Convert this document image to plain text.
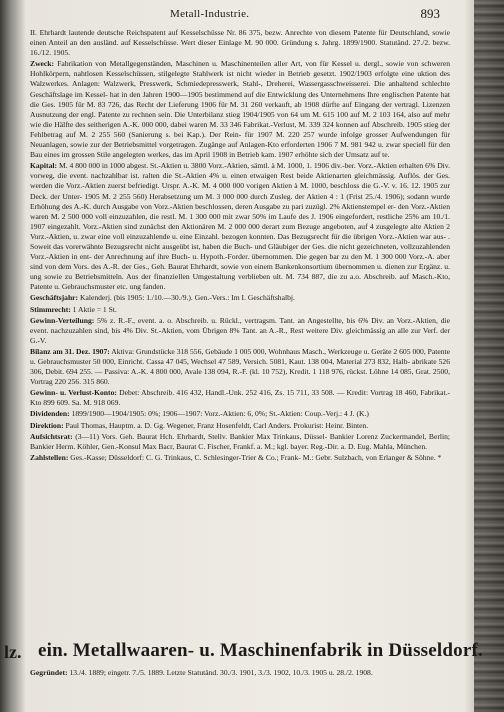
Metall-Industrie.	893

II. Ehrhardt lautende deutsche Reichspatent auf Kesselschüsse Nr. 86 375, bezw. Anrechte von diesem Patente für Deutschland, sowie einen Anteil an den ausländ. auf Kesselschüsse. Wert dieser Einlage M. 90 000. Gründung s. Jahrg. 1899/1900. Statutänd. 27./2. bezw. 16./12. 1905.

Zweck: Fabrikation von Metallgegenständen, Maschinen u. Maschinenteilen aller Art, von für Kessel u. dergl., sowie von schweren Hohlkörpern, nahtlosen Kesselschüssen, stilgelegte Stahlwerk ist nicht wieder in Betrieb gesetzt. 1902/1903 erfolgte eine uktion des Walzwerkes. Anlagen: Walzwerk, Presswerk, Schmiedepresswerk, Stahl-, Dreherei, Wassergasschweisserei. Die anhaltend schlechte Geschäftslage im Kessel- hat in den Jahren 1900—1905 bestimmend auf die Entwicklung des Unternehmens Ihre englischen Patente hat die Ges. 1905 für M. 83 726, das Recht der Lieferung 1906 für M. 31 260 verkauft, ab 1908 dürfte auf Eingang der vertragl. Lizenzen Ausnutzung der engl. Patente zu rechnen sein. Die Unterbilanz stieg 1904/1905 von 64 um M. 615 100 auf M. 2 103 164, also auf mehr wie die Hälfte des seitherigen A.-K. 000 000, dabei waren M. 33 346 Fabrikat.-Verlust, M. 339 324 konnen auf Abschreib. 1905 stieg der Fehlbetrag auf M. 2 255 560 (Sanierung s. bei Kap.). Der Rein- für 1907 M. 220 257 wurde infolge grosser Aufwendungen für Neuanlagen, sowie zur der Betriebsmittel vorgetragen. Zugänge auf Anlagen-Kto erforderten 1906 7 M. 981 942 u. zwar speciell für den Bau eines im grossen Stile angelegten werkes, das im April 1908 in Betrieb kam. 1907 erhöhte sich der Umsatz auf te.

Kapital: M. 4 800 000 in 1000 abgest. St.-Aktien u. 3800 Vorz.-Aktien, sämtl. à M. 1000, 1. 1906 div.-ber. Vorz.-Aktien erhalten 6% Div. vorweg, die event. nachzahlbar ist. ralten die St.-Aktien 4% u. einen etwaigen Rest beide Aktienarten gleichmässig. Auflös. der Ges. werden die Vorz.-Aktien zuerst befriedigt. Urspr. A.-K. M. 4 000 000 vorigen Aktien à M. 1000, beschloss die G.-V. v. 16. 12. 1905 zur Deck. der Unter- 1905 M. 2 255 560) Herabsetzung um M. 3 000 000 durch Zusleg. der Aktien 4 : 1 (Frist 25./4. 1906); sodann wurde Erhöhung des A.-K. durch Ausgabe von Vorz.-Aktien beschlossen, deren Ausgabe zu pari zuzügl. 2% Aktienstempel er- den Vorz.-Aktien waren M. 2 500 000 voll einzuzahlen, die restl. M. 1 300 000 mit zwar 50% im Laufe des J. 1906 eingefordert, restliche 25% am 10./1. 1907 eingezahlt. Vorz.-Aktien sind zunächst den Aktionären M. 2 000 000 derart zum Bezuge angeboten, auf 4 zusgelegte alte Aktien 2 Vorz.-Aktien, u. zwar eine voll einzuzahlende u. eine Einzahl. bezogen konnten. Das Bezugsrecht für die übrigen Vorz.-Aktien war aus- . Soweit das vorerwähnte Bezugsrecht nicht ausgeübt ist, haben die Buch- und Gläubiger der Ges. die nicht gezeichneten, vollzuzahlenden Vorz.-Aktien in ent- der Anrechnung auf ihre Buch- u. Hypoth.-Forder. übernommen. Die gegen bar zu den M. 1 300 000 Vorz.-A. aber sind von dem Vors. des A.-R. der Ges., Geh. Baurat Ehrhardt, sowie von einem Bankenkonsortium übernommen u. dienen zur Ergänz. u. ung sowie zu Betriebsmitteln. Aus der finanziellen Umgestaltung verblieben ult. M. 734 887, die zu a.o. Abschreib. auf Masch.-Kto, Patente u. Gebrauchsmuster etc. ung fanden.

Geschäftsjahr: Kalenderj. (bis 1905: 1./10.—30./9.). Gen.-Vers.: Im I. Geschäftshalbj.

Stimmrecht: 1 Aktie = 1 St.

Gewinn-Verteilung: 5% z. R.-F., event. a. o. Abschreib. u. Rückl., vertragsm. Tant. an Angestellte, bis 6% Div. an Vorz.-Aktien, die event. nachzuzahlen sind, bis 4% Div. St.-Aktien, vom Übrigen 8% Tant. an A.-R., Rest weitere Div. gleichmässig an alle zur Verf. der G.-V.

Bilanz am 31. Dez. 1907: Aktiva: Grundstücke 318 556, Gebäude 1 005 000, Wohnhaus Masch., Werkzeuge u. Geräte 2 605 000, Patente u. Gebrauchsmuster 50 000, Einricht. Cassa 47 045, Wechsel 47 589, Versich. 5081, Kaut. 138 004, Material 273 832, Halb- abrikate 526 306, Debit. 694 255. — Passiva: A.-K. 4 800 000, Avale 138 094, R.-F. (kl. 10 752), Kredit. 1 118 976, rückst. Löhne 14 085, Grat. 2500, Vortrag 220 256. 315 860.

Gewinn- u. Verlust-Konto: Debet: Abschreib. 416 432, Handl.-Unk. 252 416, Zs. 15 711, 33 508. — Kredit: Vortrag 18 460, Fabrikat.-Kto 899 609. Sa. M. 918 069.

Dividenden: 1899/1900—1904/1905: 0%; 1906—1907: Vorz.-Aktien: 6, 0%; St.-Aktien: Coup.-Verj.: 4 J. (K.)

Direktion: Paul Thomas, Hauptm. a. D. Gg. Wegener, Franz Hosenfeldt, Carl Anders. Prokurist: Heinr. Binten.

Aufsichtsrat: (3—11) Vors. Geh. Baurat Hch. Ehrhardt, Stellv. Bankier Max Trinkaus, Düssel- Bankier Lorenz Zuckermandel, Berlin; Bankier Herm. Köhler, Gen.-Konsul Max Bacr, Baurat C. Fischer, Frankf. a. M.; kgl. bayer. Reg.-Dir. a. D. Eug. Mahla, München.

Zahlstellen: Ges.-Kasse; Düsseldorf: C. G. Trinkaus, C. Schlesinger-Trier & Co.; Frank- M.: Gebr. Sulzbach, von Erlanger & Söhne. *

lz. ein. Metallwaaren- u. Maschinenfabrik in Düsseldorf.
Gegründet: 13./4. 1889; eingetr. 7./5. 1889. Letzte Statutänd. 30./3. 1901, 3./3. 1902, 10./3. 1905 u. 28./2. 1908.
